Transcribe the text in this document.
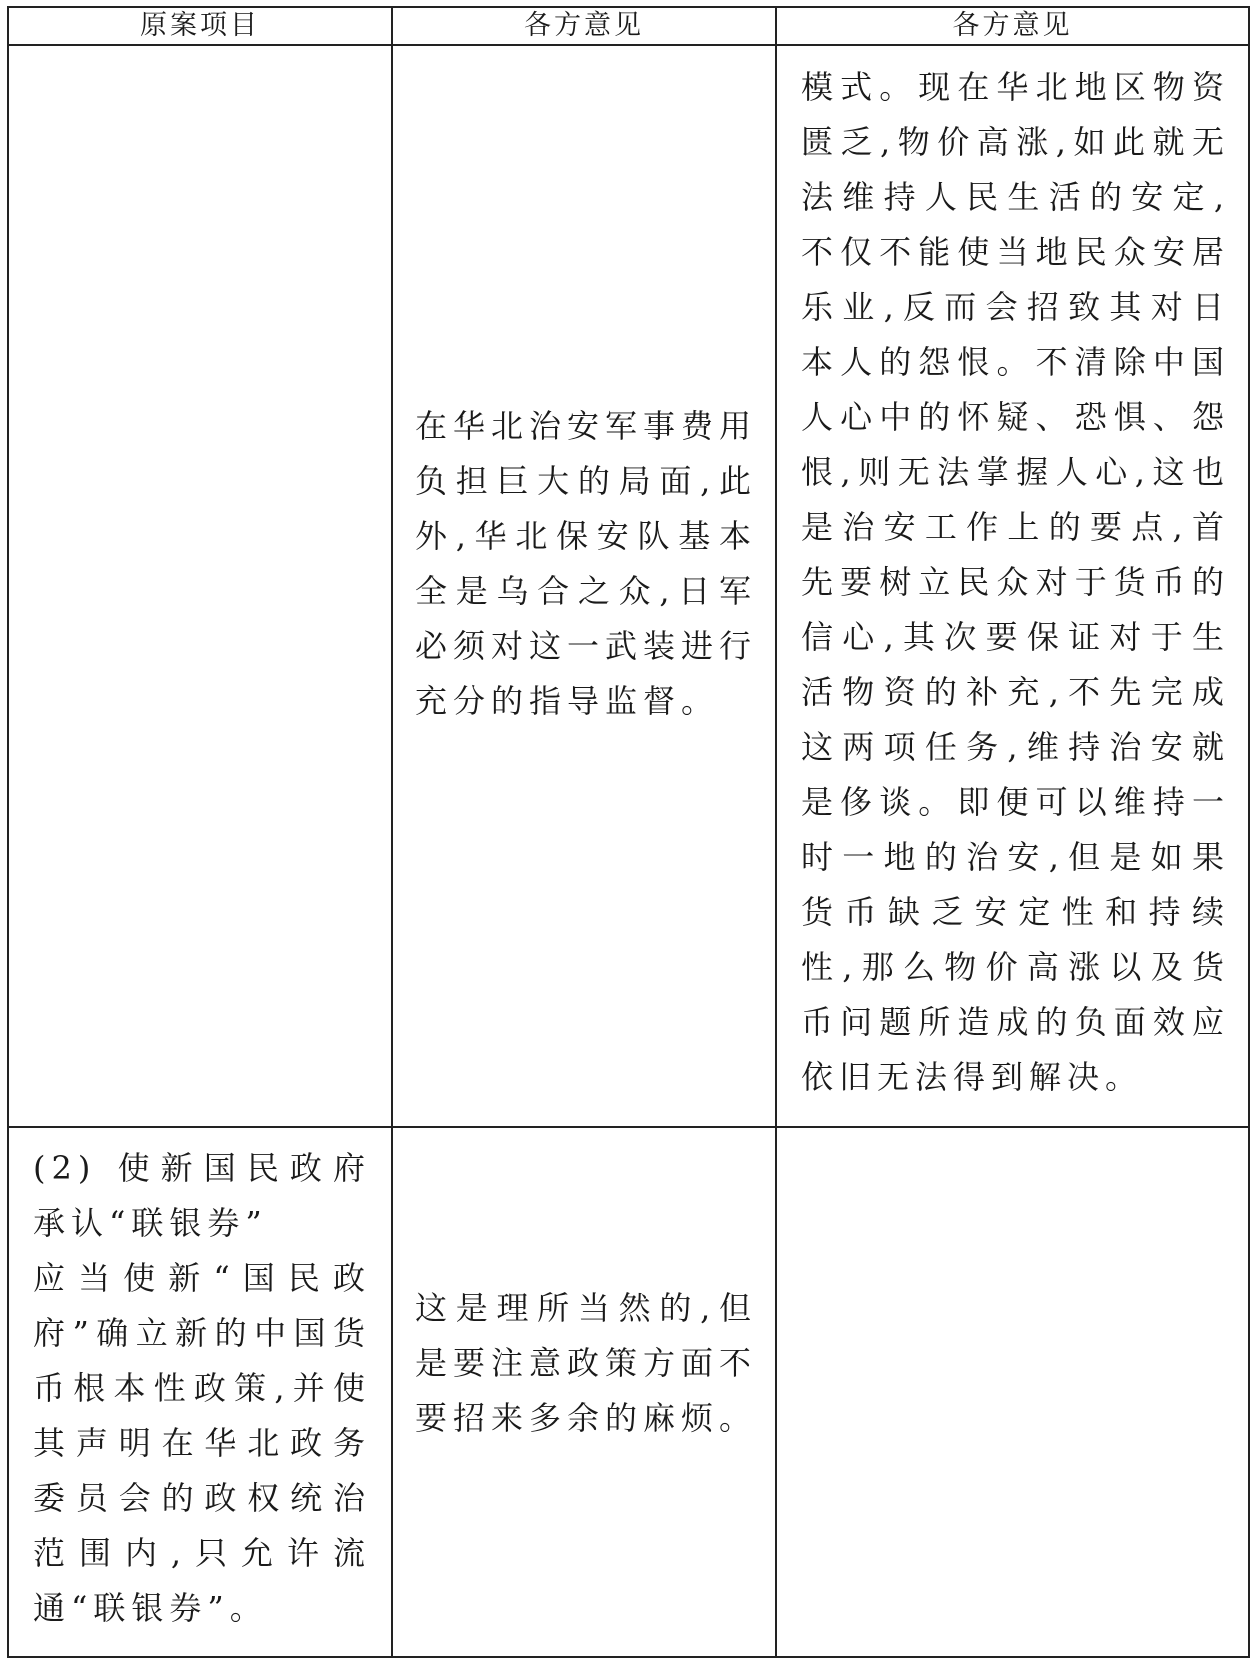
原案项目	各方意见	各方意见

	在华北治安军事费用负担巨大的局面,此外,华北保安队基本全是乌合之众,日军必须对这一武装进行充分的指导监督。	模式。现在华北地区物资匮乏,物价高涨,如此就无法维持人民生活的安定,不仅不能使当地民众安居乐业,反而会招致其对日本人的怨恨。不清除中国人心中的怀疑、恐惧、怨恨,则无法掌握人心,这也是治安工作上的要点,首先要树立民众对于货币的信心,其次要保证对于生活物资的补充,不先完成这两项任务,维持治安就是侈谈。即便可以维持一时一地的治安,但是如果货币缺乏安定性和持续性,那么物价高涨以及货币问题所造成的负面效应依旧无法得到解决。

(2) 使新国民政府承认“联银券”
应当使新“国民政府”确立新的中国货币根本性政策,并使其声明在华北政务委员会的政权统治范围内,只允许流通“联银券”。	这是理所当然的,但是要注意政策方面不要招来多余的麻烦。	
